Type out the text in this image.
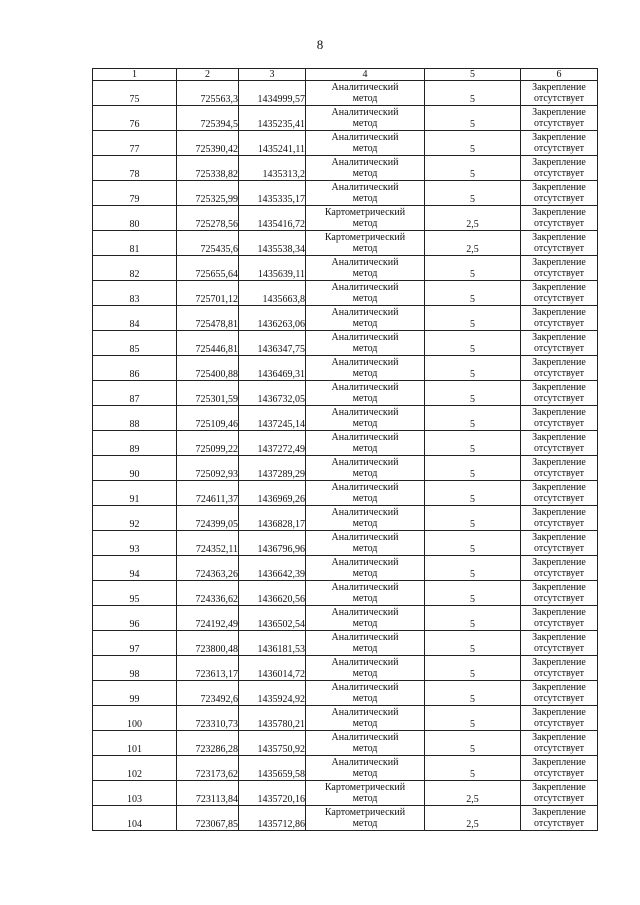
8
1	2	3	4	5	6
75	725563,3	1434999,57	Аналитический
метод	5	Закрепление
отсутствует

76	725394,5	1435235,41	Аналитический
метод	5	Закрепление
отсутствует

77	725390,42	1435241,11	Аналитический
метод	5	Закрепление
отсутствует

78	725338,82	1435313,2	Аналитический
метод	5	Закрепление
отсутствует

79	725325,99	1435335,17	Аналитический
метод	5	Закрепление
отсутствует

80	725278,56	1435416,72	Картометрический
метод	2,5	Закрепление
отсутствует

81	725435,6	1435538,34	Картометрический
метод	2,5	Закрепление
отсутствует

82	725655,64	1435639,11	Аналитический
метод	5	Закрепление
отсутствует

83	725701,12	1435663,8	Аналитический
метод	5	Закрепление
отсутствует

84	725478,81	1436263,06	Аналитический
метод	5	Закрепление
отсутствует

85	725446,81	1436347,75	Аналитический
метод	5	Закрепление
отсутствует

86	725400,88	1436469,31	Аналитический
метод	5	Закрепление
отсутствует

87	725301,59	1436732,05	Аналитический
метод	5	Закрепление
отсутствует

88	725109,46	1437245,14	Аналитический
метод	5	Закрепление
отсутствует

89	725099,22	1437272,49	Аналитический
метод	5	Закрепление
отсутствует

90	725092,93	1437289,29	Аналитический
метод	5	Закрепление
отсутствует

91	724611,37	1436969,26	Аналитический
метод	5	Закрепление
отсутствует

92	724399,05	1436828,17	Аналитический
метод	5	Закрепление
отсутствует

93	724352,11	1436796,96	Аналитический
метод	5	Закрепление
отсутствует

94	724363,26	1436642,39	Аналитический
метод	5	Закрепление
отсутствует

95	724336,62	1436620,56	Аналитический
метод	5	Закрепление
отсутствует

96	724192,49	1436502,54	Аналитический
метод	5	Закрепление
отсутствует

97	723800,48	1436181,53	Аналитический
метод	5	Закрепление
отсутствует

98	723613,17	1436014,72	Аналитический
метод	5	Закрепление
отсутствует

99	723492,6	1435924,92	Аналитический
метод	5	Закрепление
отсутствует

100	723310,73	1435780,21	Аналитический
метод	5	Закрепление
отсутствует

101	723286,28	1435750,92	Аналитический
метод	5	Закрепление
отсутствует

102	723173,62	1435659,58	Аналитический
метод	5	Закрепление
отсутствует

103	723113,84	1435720,16	Картометрический
метод	2,5	Закрепление
отсутствует

104	723067,85	1435712,86	Картометрический
метод	2,5	Закрепление
отсутствует
